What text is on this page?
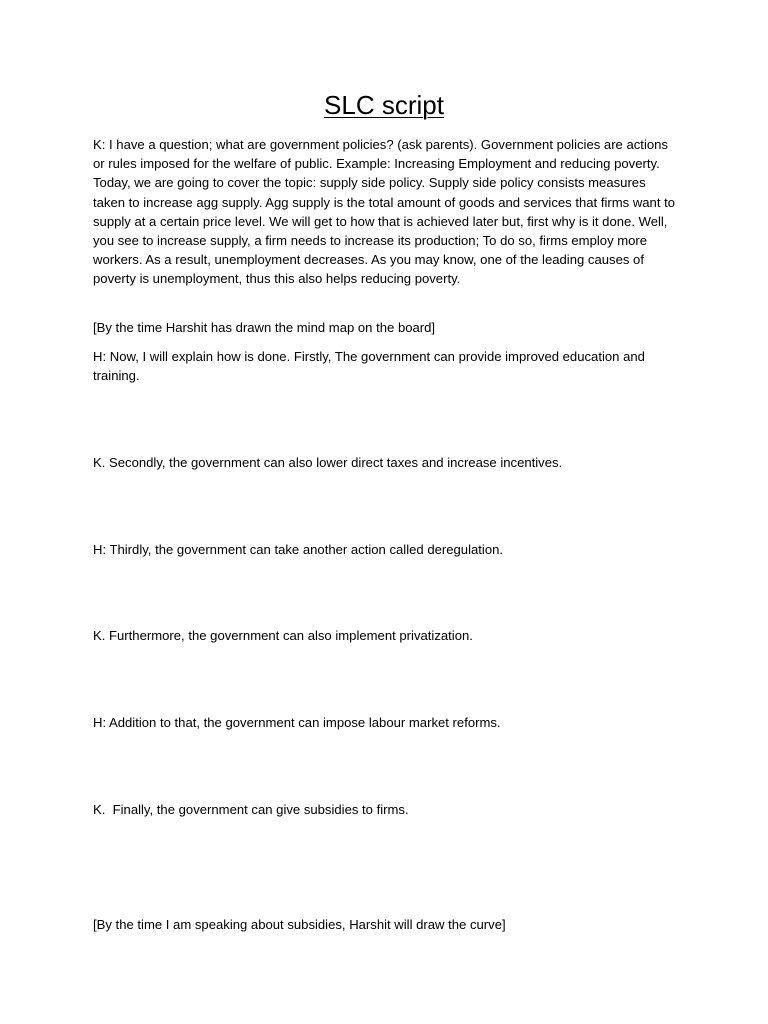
SLC script

K: I have a question; what are government policies? (ask parents). Government policies are actions or rules imposed for the welfare of public. Example: Increasing Employment and reducing poverty. Today, we are going to cover the topic: supply side policy. Supply side policy consists measures taken to increase agg supply. Agg supply is the total amount of goods and services that firms want to supply at a certain price level. We will get to how that is achieved later but, first why is it done. Well, you see to increase supply, a firm needs to increase its production; To do so, firms employ more workers. As a result, unemployment decreases. As you may know, one of the leading causes of poverty is unemployment, thus this also helps reducing poverty.

[By the time Harshit has drawn the mind map on the board]

H: Now, I will explain how is done. Firstly, The government can provide improved education and training.

K. Secondly, the government can also lower direct taxes and increase incentives.

H: Thirdly, the government can take another action called deregulation.

K. Furthermore, the government can also implement privatization.

H: Addition to that, the government can impose labour market reforms.

K.  Finally, the government can give subsidies to firms.

[By the time I am speaking about subsidies, Harshit will draw the curve]
